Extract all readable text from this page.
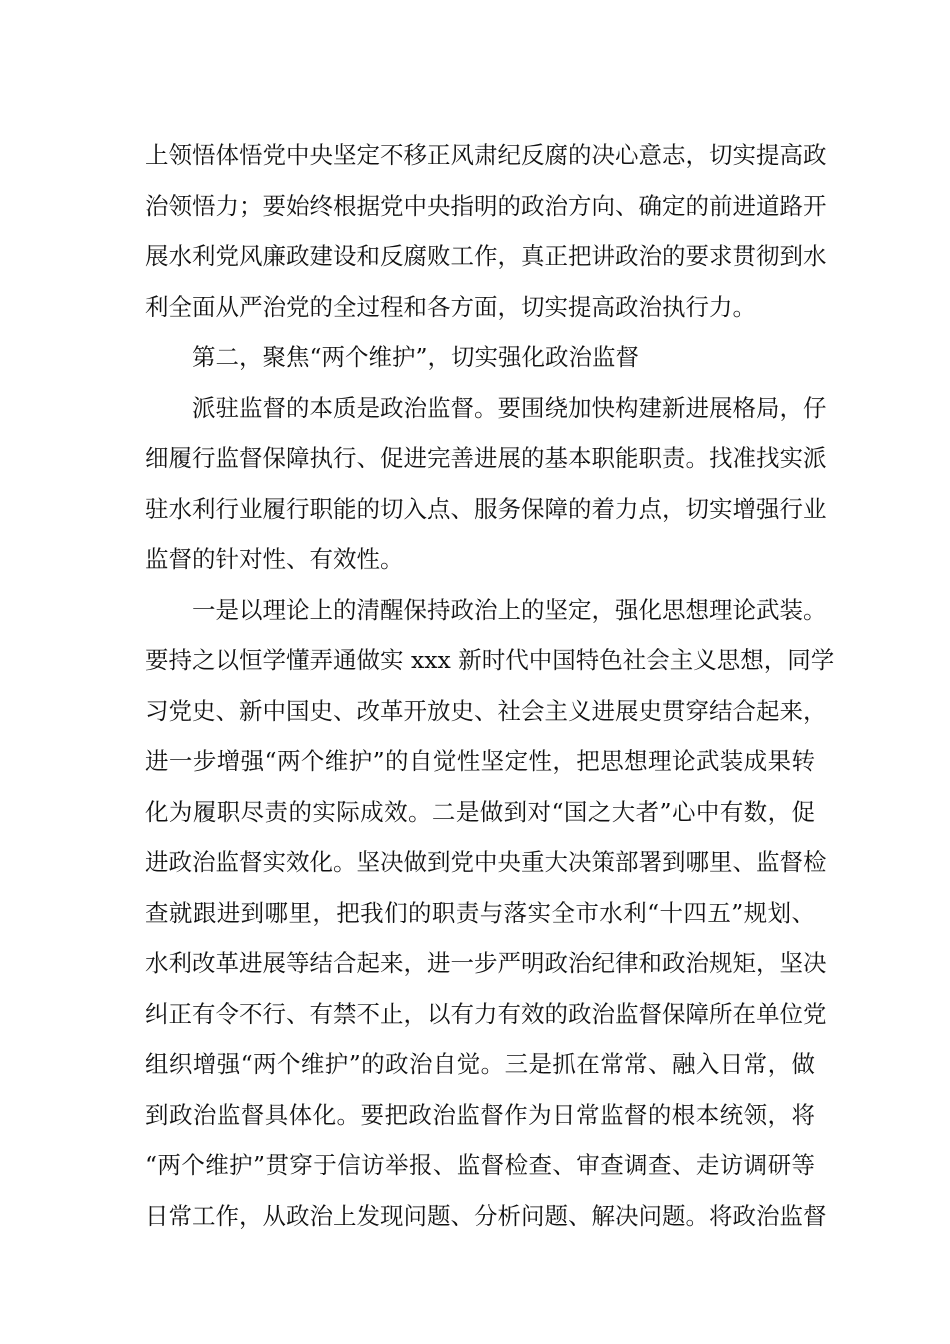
上领悟体悟党中央坚定不移正风肃纪反腐的决心意志，切实提高政
治领悟力；要始终根据党中央指明的政治方向、确定的前进道路开
展水利党风廉政建设和反腐败工作，真正把讲政治的要求贯彻到水
利全面从严治党的全过程和各方面，切实提高政治执行力。
第二，聚焦“两个维护”，切实强化政治监督
派驻监督的本质是政治监督。要围绕加快构建新进展格局，仔
细履行监督保障执行、促进完善进展的基本职能职责。找准找实派
驻水利行业履行职能的切入点、服务保障的着力点，切实增强行业
监督的针对性、有效性。
一是以理论上的清醒保持政治上的坚定，强化思想理论武装。
要持之以恒学懂弄通做实 xxx 新时代中国特色社会主义思想，同学
习党史、新中国史、改革开放史、社会主义进展史贯穿结合起来，
进一步增强“两个维护”的自觉性坚定性，把思想理论武装成果转
化为履职尽责的实际成效。二是做到对“国之大者”心中有数，促
进政治监督实效化。坚决做到党中央重大决策部署到哪里、监督检
查就跟进到哪里，把我们的职责与落实全市水利“十四五”规划、
水利改革进展等结合起来，进一步严明政治纪律和政治规矩，坚决
纠正有令不行、有禁不止，以有力有效的政治监督保障所在单位党
组织增强“两个维护”的政治自觉。三是抓在常常、融入日常，做
到政治监督具体化。要把政治监督作为日常监督的根本统领，将
“两个维护”贯穿于信访举报、监督检查、审查调查、走访调研等
日常工作，从政治上发现问题、分析问题、解决问题。将政治监督
